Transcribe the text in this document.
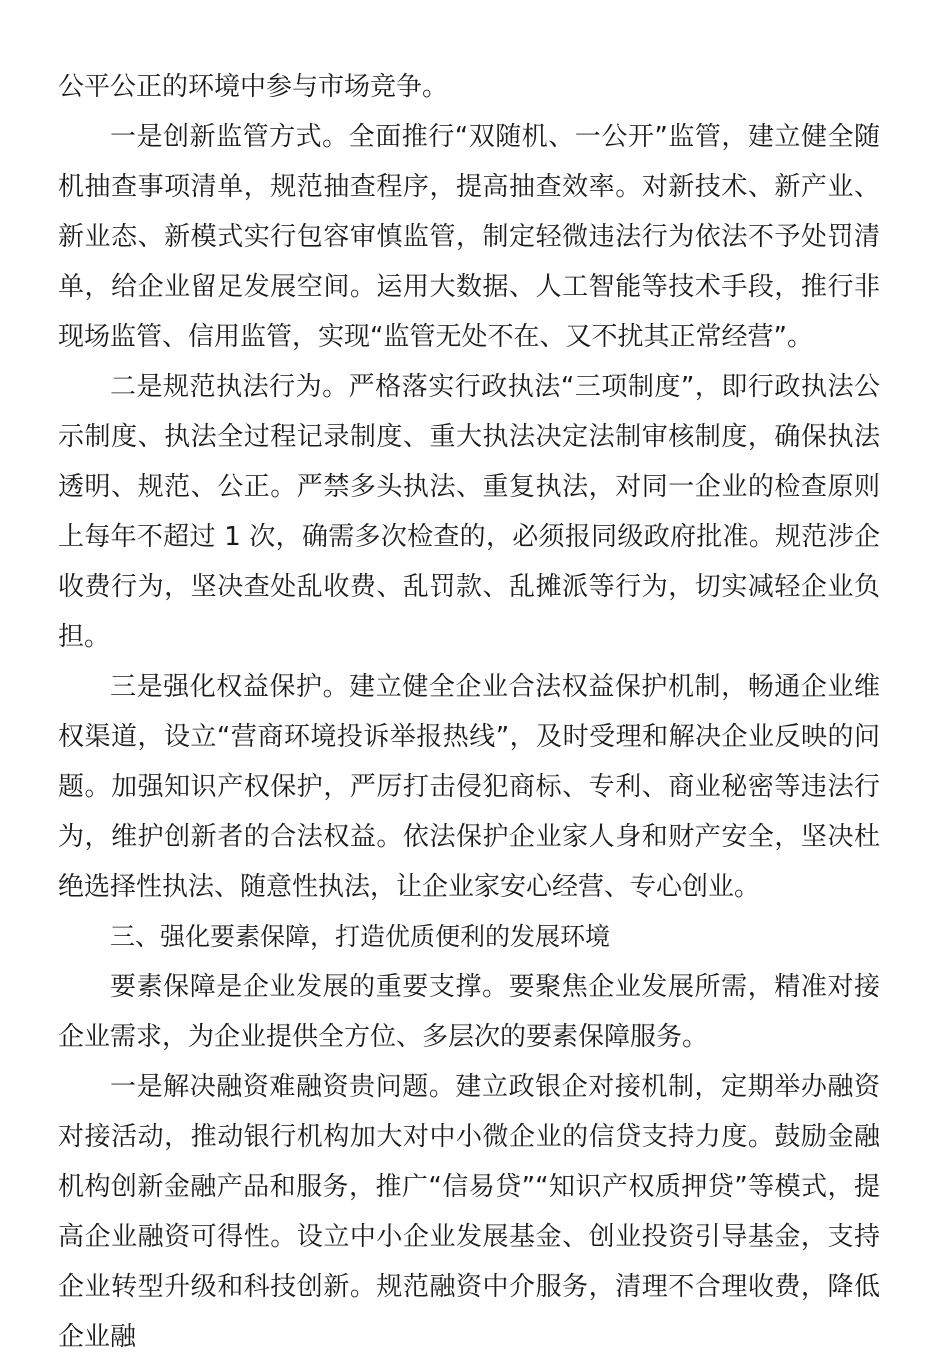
公平公正的环境中参与市场竞争。

一是创新监管方式。全面推行“双随机、一公开”监管，建立健全随机抽查事项清单，规范抽查程序，提高抽查效率。对新技术、新产业、新业态、新模式实行包容审慎监管，制定轻微违法行为依法不予处罚清单，给企业留足发展空间。运用大数据、人工智能等技术手段，推行非现场监管、信用监管，实现“监管无处不在、又不扰其正常经营”。

二是规范执法行为。严格落实行政执法“三项制度”，即行政执法公示制度、执法全过程记录制度、重大执法决定法制审核制度，确保执法透明、规范、公正。严禁多头执法、重复执法，对同一企业的检查原则上每年不超过 1 次，确需多次检查的，必须报同级政府批准。规范涉企收费行为，坚决查处乱收费、乱罚款、乱摊派等行为，切实减轻企业负担。

三是强化权益保护。建立健全企业合法权益保护机制，畅通企业维权渠道，设立“营商环境投诉举报热线”，及时受理和解决企业反映的问题。加强知识产权保护，严厉打击侵犯商标、专利、商业秘密等违法行为，维护创新者的合法权益。依法保护企业家人身和财产安全，坚决杜绝选择性执法、随意性执法，让企业家安心经营、专心创业。

三、强化要素保障，打造优质便利的发展环境

要素保障是企业发展的重要支撑。要聚焦企业发展所需，精准对接企业需求，为企业提供全方位、多层次的要素保障服务。

一是解决融资难融资贵问题。建立政银企对接机制，定期举办融资对接活动，推动银行机构加大对中小微企业的信贷支持力度。鼓励金融机构创新金融产品和服务，推广“信易贷”“知识产权质押贷”等模式，提高企业融资可得性。设立中小企业发展基金、创业投资引导基金，支持企业转型升级和科技创新。规范融资中介服务，清理不合理收费，降低企业融
